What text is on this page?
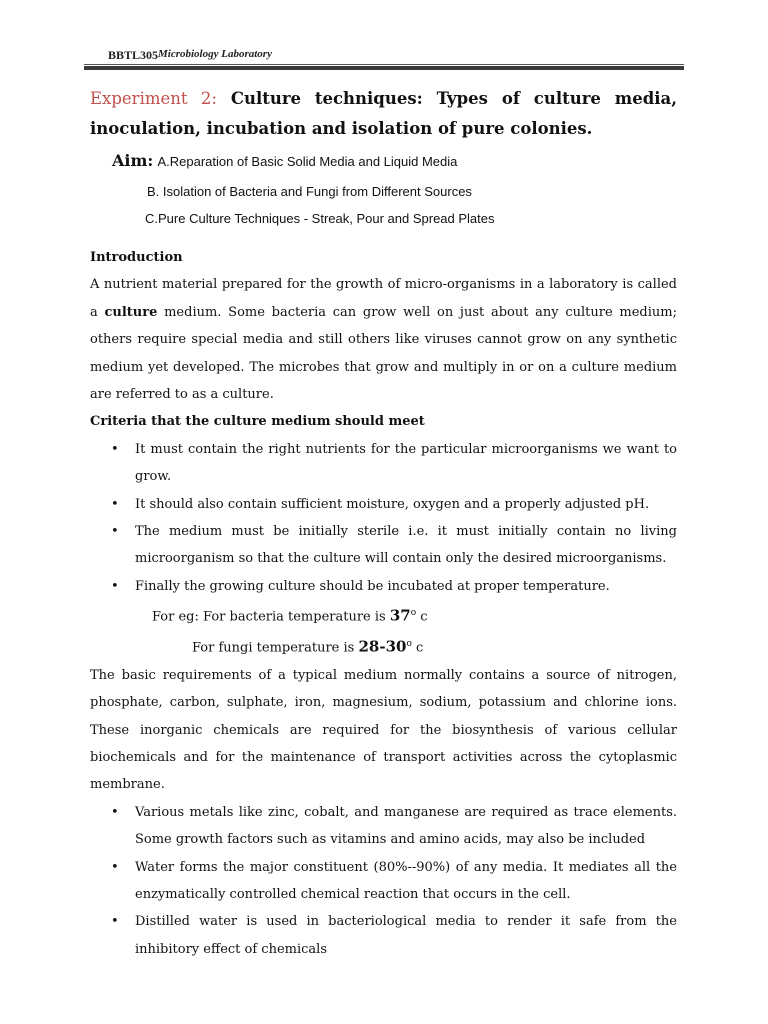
BBTL305 Microbiology Laboratory

Experiment 2: Culture techniques: Types of culture media, inoculation, incubation and isolation of pure colonies.

Aim: A.Reparation of Basic Solid Media and Liquid Media
B. Isolation of Bacteria and Fungi from Different Sources
C.Pure Culture Techniques - Streak, Pour and Spread Plates
Introduction

A nutrient material prepared for the growth of micro-organisms in a laboratory is called a culture medium. Some bacteria can grow well on just about any culture medium; others require special media and still others like viruses cannot grow on any synthetic medium yet developed. The microbes that grow and multiply in or on a culture medium are referred to as a culture.

Criteria that the culture medium should meet
• It must contain the right nutrients for the particular microorganisms we want to grow.
• It should also contain sufficient moisture, oxygen and a properly adjusted pH.
• The medium must be initially sterile i.e. it must initially contain no living microorganism so that the culture will contain only the desired microorganisms.
• Finally the growing culture should be incubated at proper temperature.
For eg: For bacteria temperature is 37$^o$ c
For fungi temperature is 28-30$^o$ c

The basic requirements of a typical medium normally contains a source of nitrogen, phosphate, carbon, sulphate, iron, magnesium, sodium, potassium and chlorine ions. These inorganic chemicals are required for the biosynthesis of various cellular biochemicals and for the maintenance of transport activities across the cytoplasmic membrane.

• Various metals like zinc, cobalt, and manganese are required as trace elements. Some growth factors such as vitamins and amino acids, may also be included
• Water forms the major constituent (80%--90%) of any media. It mediates all the enzymatically controlled chemical reaction that occurs in the cell.
• Distilled water is used in bacteriological media to render it safe from the inhibitory effect of chemicals
